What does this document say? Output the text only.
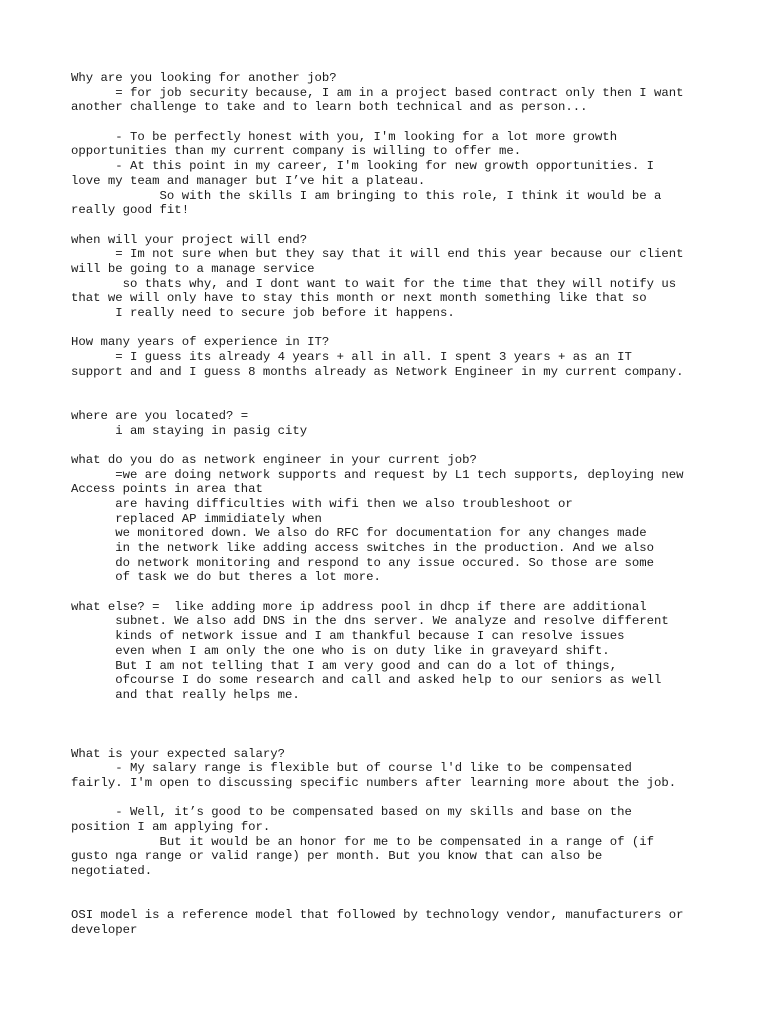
Why are you looking for another job?
= for job security because, I am in a project based contract only then I want
another challenge to take and to learn both technical and as person...
- To be perfectly honest with you, I'm looking for a lot more growth
opportunities than my current company is willing to offer me.
- At this point in my career, I'm looking for new growth opportunities. I
love my team and manager but I’ve hit a plateau.
So with the skills I am bringing to this role, I think it would be a
really good fit!
when will your project will end?
= Im not sure when but they say that it will end this year because our client
will be going to a manage service
so thats why, and I dont want to wait for the time that they will notify us
that we will only have to stay this month or next month something like that so
I really need to secure job before it happens.
How many years of experience in IT?
= I guess its already 4 years + all in all. I spent 3 years + as an IT
support and and I guess 8 months already as Network Engineer in my current company.
where are you located? =
i am staying in pasig city
what do you do as network engineer in your current job?
=we are doing network supports and request by L1 tech supports, deploying new
Access points in area that
are having difficulties with wifi then we also troubleshoot or
replaced AP immidiately when
we monitored down. We also do RFC for documentation for any changes made
in the network like adding access switches in the production. And we also
do network monitoring and respond to any issue occured. So those are some
of task we do but theres a lot more.
what else? =  like adding more ip address pool in dhcp if there are additional
subnet. We also add DNS in the dns server. We analyze and resolve different
kinds of network issue and I am thankful because I can resolve issues
even when I am only the one who is on duty like in graveyard shift.
But I am not telling that I am very good and can do a lot of things,
ofcourse I do some research and call and asked help to our seniors as well
and that really helps me.
What is your expected salary?
- My salary range is flexible but of course l'd like to be compensated
fairly. I'm open to discussing specific numbers after learning more about the job.
- Well, it’s good to be compensated based on my skills and base on the
position I am applying for.
But it would be an honor for me to be compensated in a range of (if
gusto nga range or valid range) per month. But you know that can also be
negotiated.
OSI model is a reference model that followed by technology vendor, manufacturers or
developer
